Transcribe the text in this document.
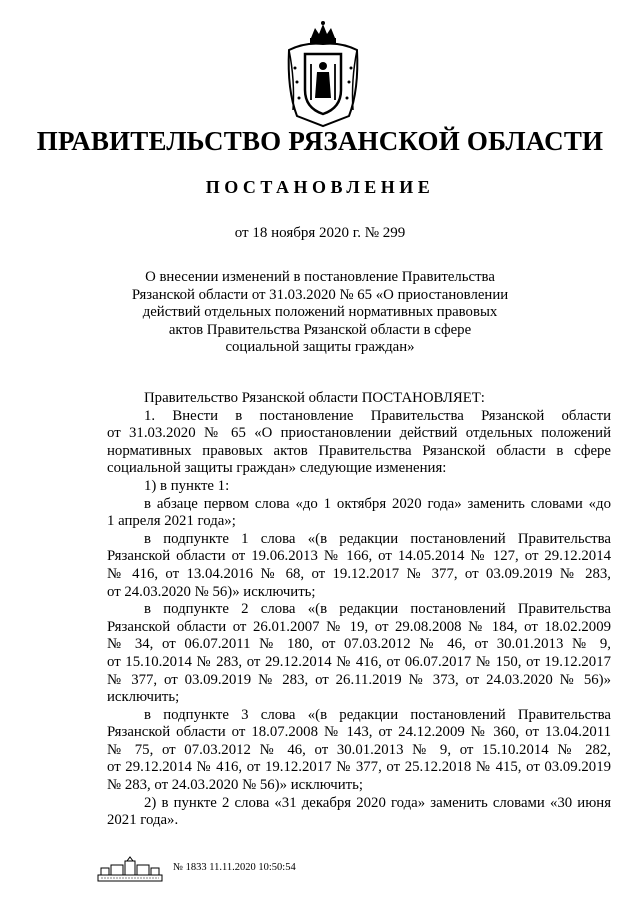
ПРАВИТЕЛЬСТВО РЯЗАНСКОЙ ОБЛАСТИ
ПОСТАНОВЛЕНИЕ
от 18 ноября 2020 г. № 299
О внесении изменений в постановление Правительства
Рязанской области от 31.03.2020 № 65 «О приостановлении
действий отдельных положений нормативных правовых
актов Правительства Рязанской области в сфере
социальной защиты граждан»
Правительство Рязанской области ПОСТАНОВЛЯЕТ:
1. Внести в постановление Правительства Рязанской области
от 31.03.2020 № 65 «О приостановлении действий отдельных положений
нормативных правовых актов Правительства Рязанской области в сфере
социальной защиты граждан» следующие изменения:
1) в пункте 1:
в абзаце первом слова «до 1 октября 2020 года» заменить словами «до
1 апреля 2021 года»;
в подпункте 1 слова «(в редакции постановлений Правительства
Рязанской области от 19.06.2013 № 166, от 14.05.2014 № 127, от 29.12.2014
№ 416, от 13.04.2016 № 68, от 19.12.2017 № 377, от 03.09.2019 № 283,
от 24.03.2020 № 56)» исключить;
в подпункте 2 слова «(в редакции постановлений Правительства
Рязанской области от 26.01.2007 № 19, от 29.08.2008 № 184, от 18.02.2009
№ 34, от 06.07.2011 № 180, от 07.03.2012 № 46, от 30.01.2013 № 9,
от 15.10.2014 № 283, от 29.12.2014 № 416, от 06.07.2017 № 150, от 19.12.2017
№ 377, от 03.09.2019 № 283, от 26.11.2019 № 373, от 24.03.2020 № 56)»
исключить;
в подпункте 3 слова «(в редакции постановлений Правительства
Рязанской области от 18.07.2008 № 143, от 24.12.2009 № 360, от 13.04.2011
№ 75, от 07.03.2012 № 46, от 30.01.2013 № 9, от 15.10.2014 № 282,
от 29.12.2014 № 416, от 19.12.2017 № 377, от 25.12.2018 № 415, от 03.09.2019
№ 283, от 24.03.2020 № 56)» исключить;
2) в пункте 2 слова «31 декабря 2020 года» заменить словами «30 июня
2021 года».
№ 1833 11.11.2020 10:50:54
